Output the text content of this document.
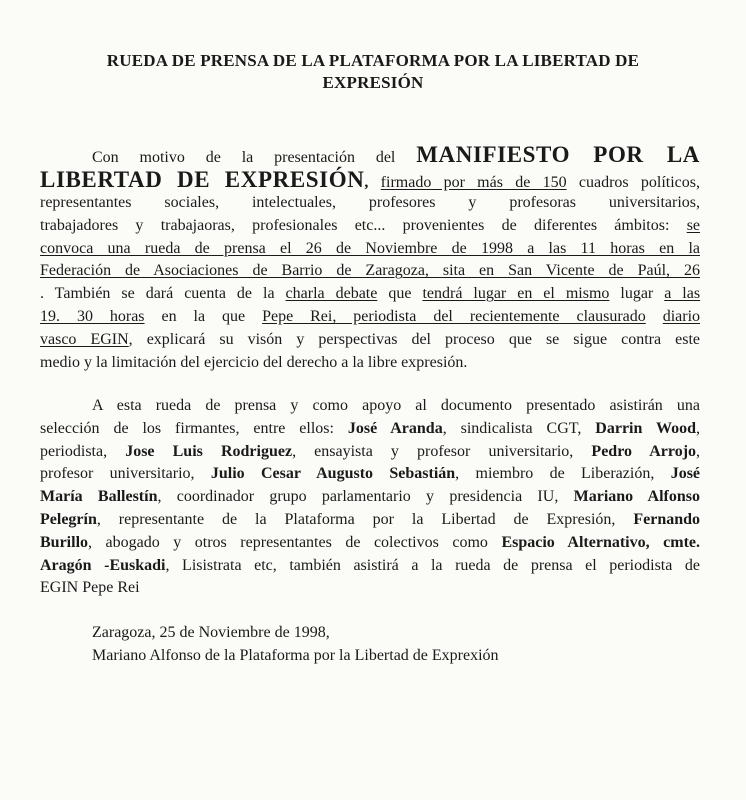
RUEDA DE PRENSA DE LA PLATAFORMA POR LA LIBERTAD DE
EXPRESIÓN
Con motivo de la presentación del MANIFIESTO POR LA
LIBERTAD DE EXPRESIÓN, firmado por más de 150 cuadros políticos,
representantes sociales, intelectuales, profesores y profesoras universitarios,
trabajadores y trabajaoras, profesionales etc... provenientes de diferentes ámbitos: se
convoca una rueda de prensa el 26 de Noviembre de 1998 a las 11 horas en la
Federación de Asociaciones de Barrio de Zaragoza, sita en San Vicente de Paúl, 26
. También se dará cuenta de la charla debate que tendrá lugar en el mismo lugar a las
19. 30 horas en la que Pepe Rei, periodista del recientemente clausurado diario
vasco EGIN, explicará su visón y perspectivas del proceso que se sigue contra este
medio y la limitación del ejercicio del derecho a la libre expresión.
A esta rueda de prensa y como apoyo al documento presentado asistirán una
selección de los firmantes, entre ellos: José Aranda, sindicalista CGT, Darrin Wood,
periodista, Jose Luis Rodriguez, ensayista y profesor universitario, Pedro Arrojo,
profesor universitario, Julio Cesar Augusto Sebastián, miembro de Liberazión, José
María Ballestín, coordinador grupo parlamentario y presidencia IU, Mariano Alfonso
Pelegrín, representante de la Plataforma por la Libertad de Expresión, Fernando
Burillo, abogado y otros representantes de colectivos como Espacio Alternativo, cmte.
Aragón -Euskadi, Lisistrata etc, también asistirá a la rueda de prensa el periodista de
EGIN Pepe Rei
Zaragoza, 25 de Noviembre de 1998,
Mariano Alfonso de la Plataforma por la Libertad de Exprexión
